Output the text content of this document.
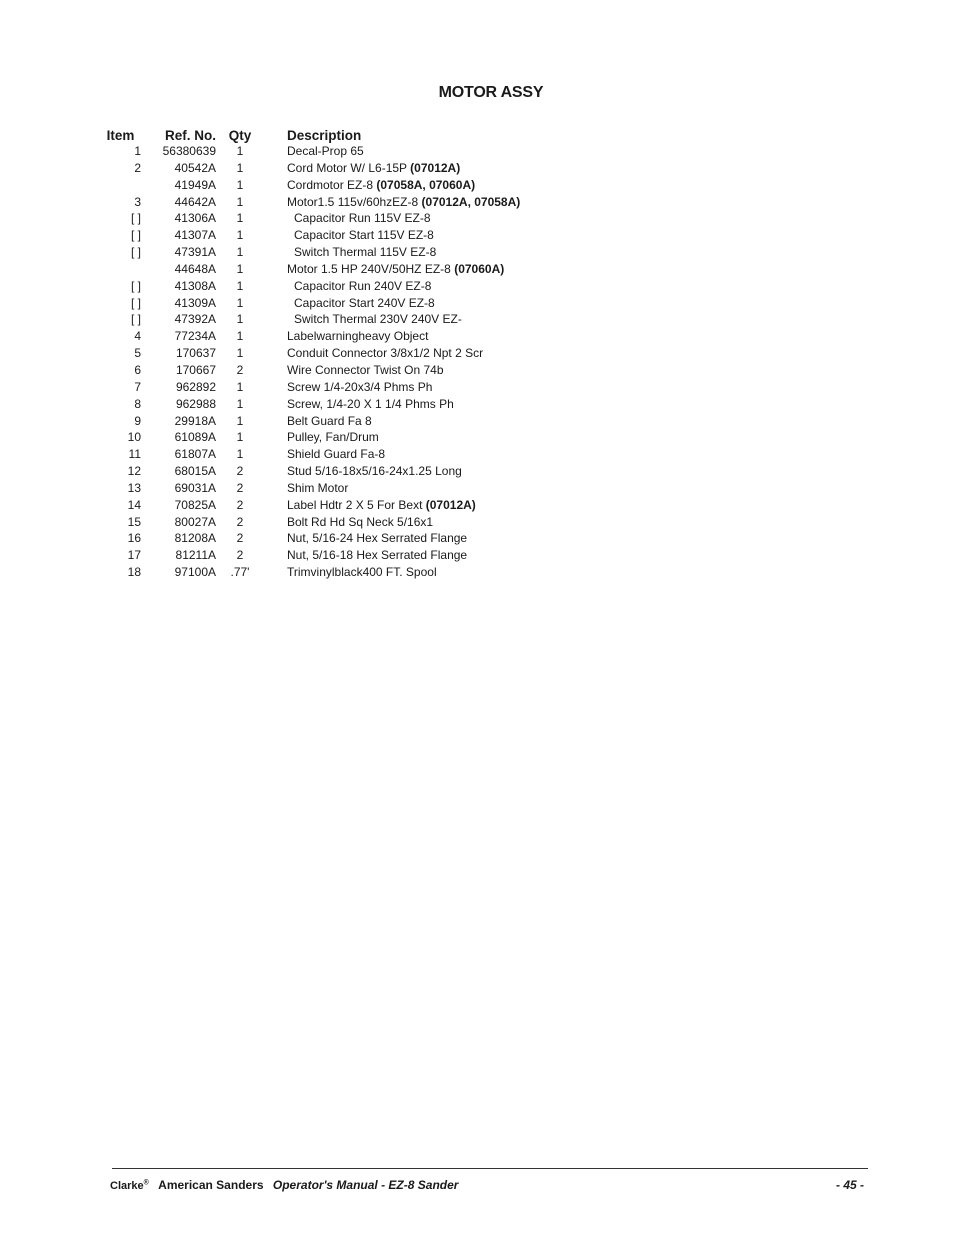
MOTOR ASSY
Item	Ref. No.	Qty	Description
1	56380639	1	Decal-Prop 65
2	40542A	1	Cord Motor W/ L6-15P (07012A)
	41949A	1	Cordmotor EZ-8 (07058A, 07060A)
3	44642A	1	Motor1.5 115v/60hzEZ-8 (07012A, 07058A)
[ ]	41306A	1	Capacitor Run 115V EZ-8
[ ]	41307A	1	Capacitor Start 115V EZ-8
[ ]	47391A	1	Switch Thermal 115V EZ-8
	44648A	1	Motor 1.5 HP 240V/50HZ EZ-8 (07060A)
[ ]	41308A	1	Capacitor Run 240V EZ-8
[ ]	41309A	1	Capacitor Start 240V EZ-8
[ ]	47392A	1	Switch Thermal 230V 240V EZ-
4	77234A	1	Labelwarningheavy Object
5	170637	1	Conduit Connector 3/8x1/2 Npt 2 Scr
6	170667	2	Wire Connector Twist On 74b
7	962892	1	Screw 1/4-20x3/4 Phms Ph
8	962988	1	Screw, 1/4-20 X 1 1/4 Phms Ph
9	29918A	1	Belt Guard Fa 8
10	61089A	1	Pulley, Fan/Drum
11	61807A	1	Shield Guard Fa-8
12	68015A	2	Stud 5/16-18x5/16-24x1.25 Long
13	69031A	2	Shim Motor
14	70825A	2	Label Hdtr 2 X 5 For Bext (07012A)
15	80027A	2	Bolt Rd Hd Sq Neck 5/16x1
16	81208A	2	Nut, 5/16-24 Hex Serrated Flange
17	81211A	2	Nut, 5/16-18 Hex Serrated Flange
18	97100A	.77'	Trimvinylblack400 FT. Spool
Clarke® American Sanders Operator's Manual - EZ-8 Sander	- 45 -
